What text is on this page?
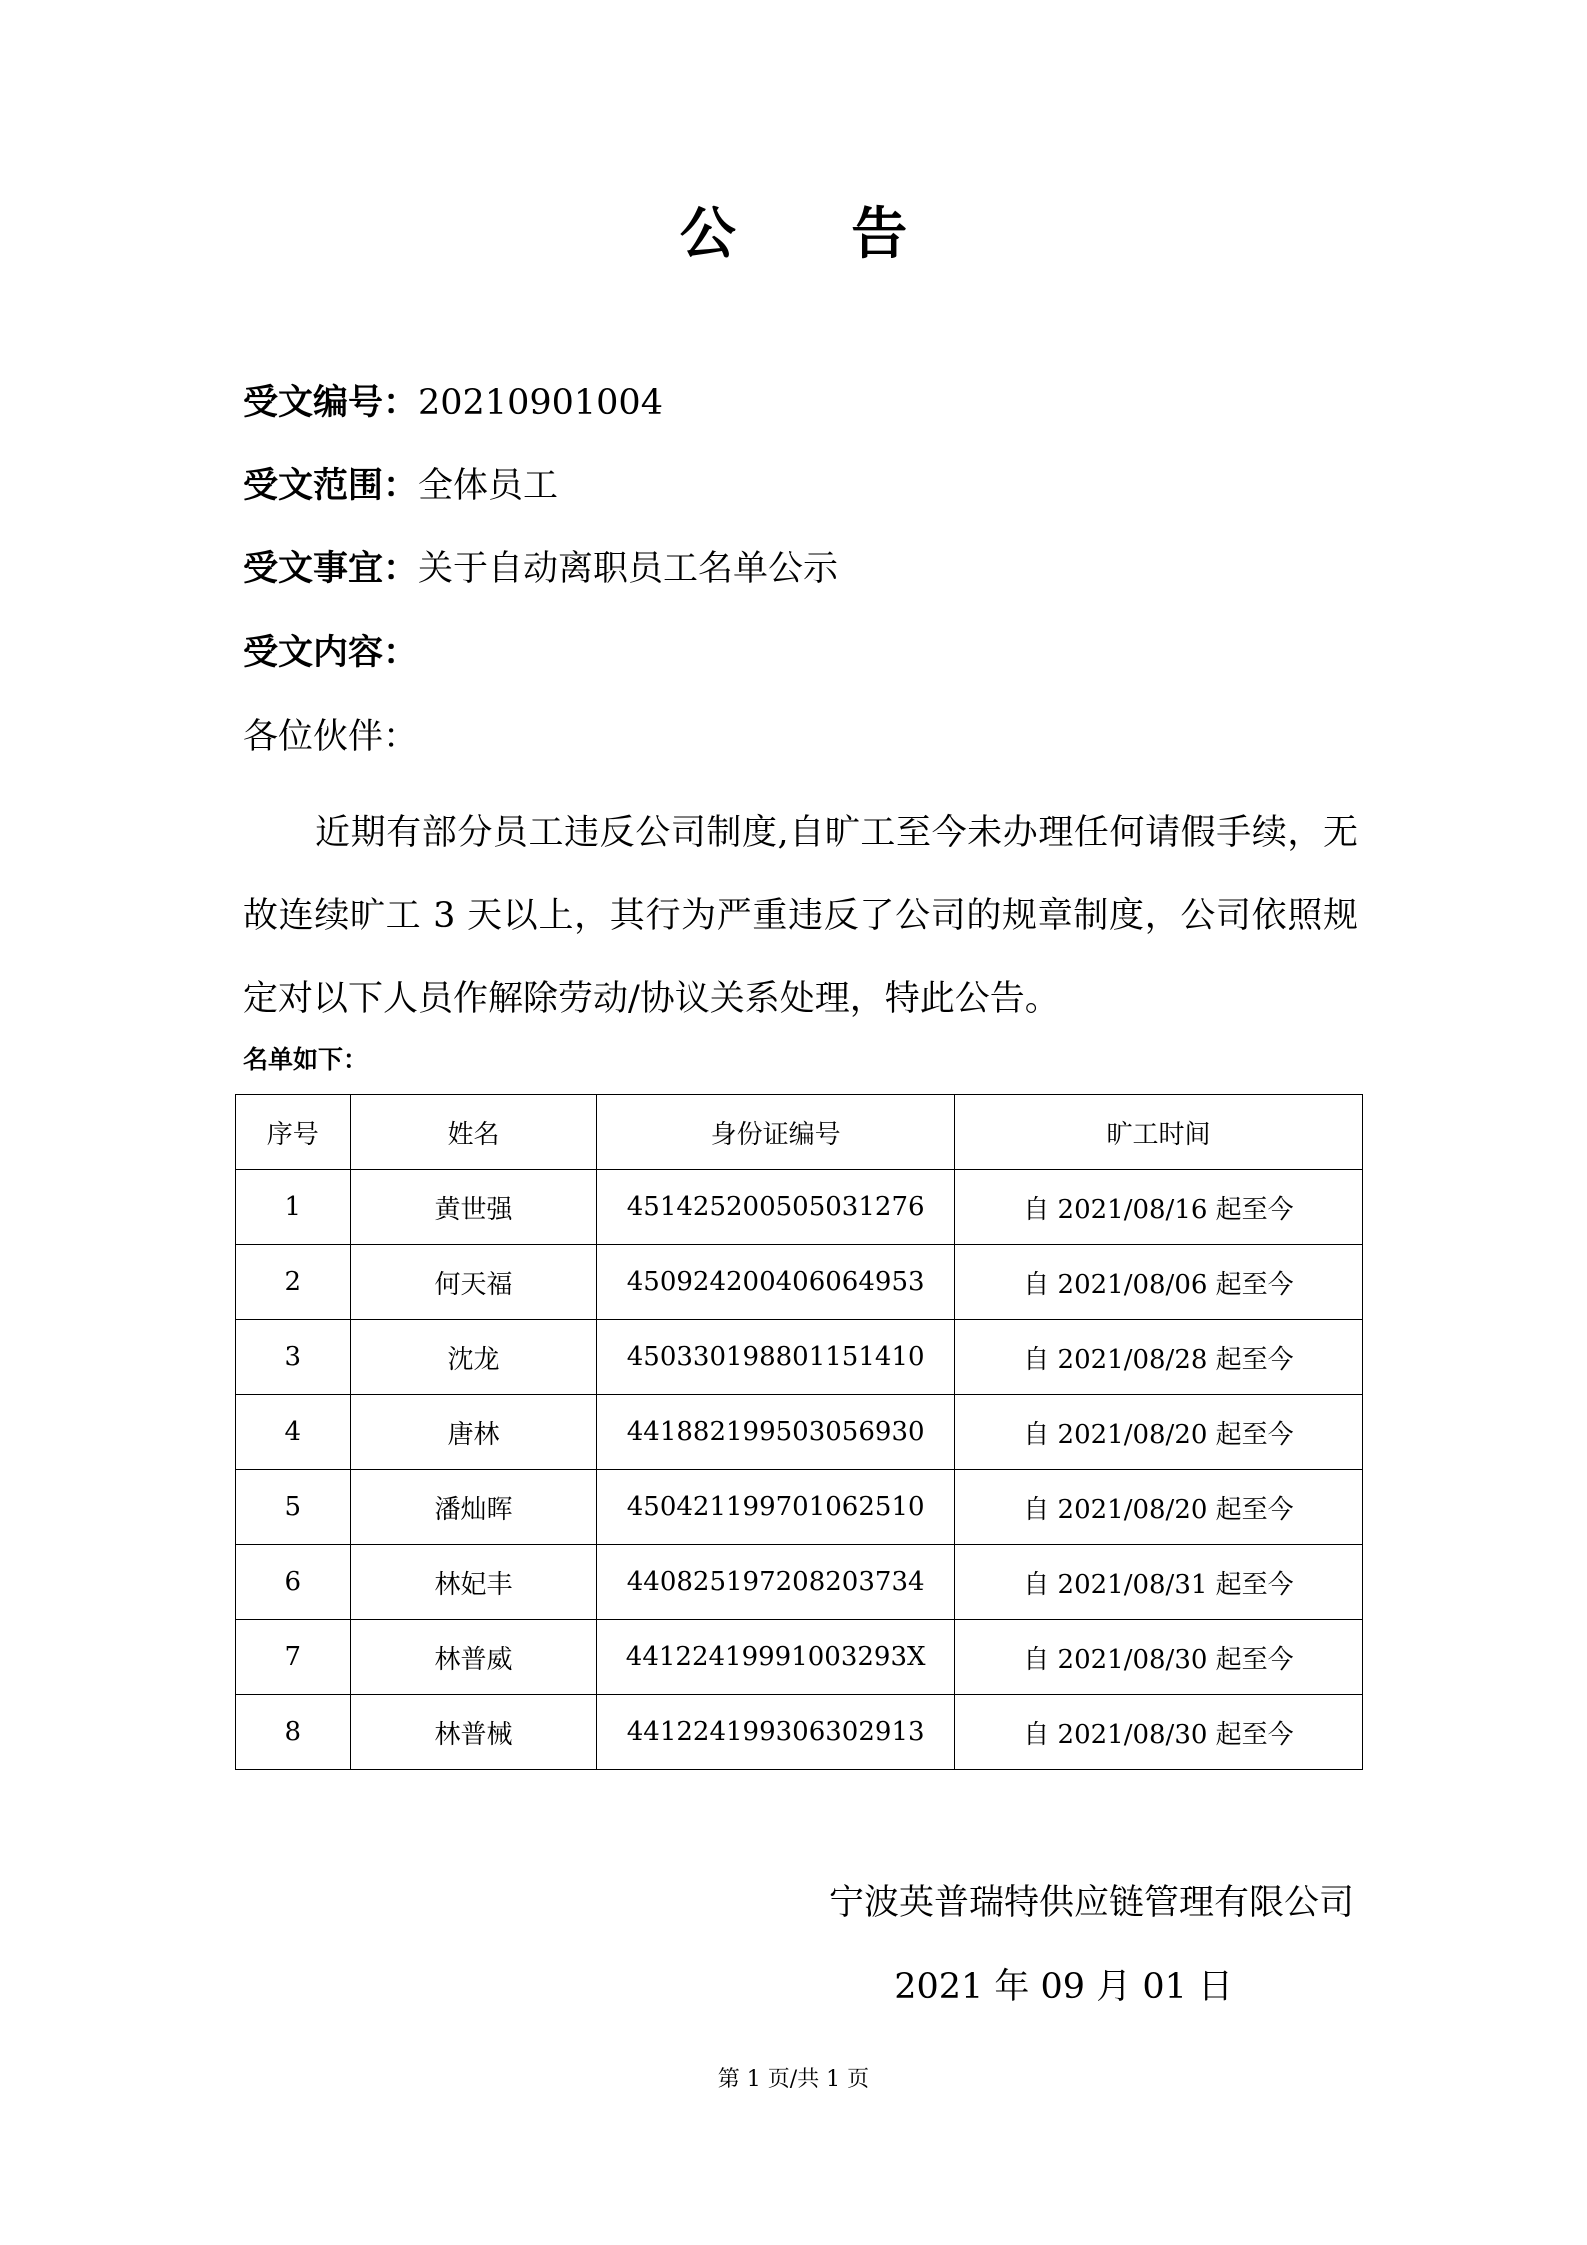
公 告
受文编号：20210901004
受文范围：全体员工
受文事宜：关于自动离职员工名单公示
受文内容：
各位伙伴：
近期有部分员工违反公司制度,自旷工至今未办理任何请假手续，无故连续旷工 3 天以上，其行为严重违反了公司的规章制度，公司依照规定对以下人员作解除劳动/协议关系处理，特此公告。
名单如下：
序号	姓名	身份证编号	旷工时间
1	黄世强	451425200505031276	自 2021/08/16 起至今
2	何天福	450924200406064953	自 2021/08/06 起至今
3	沈龙	450330198801151410	自 2021/08/28 起至今
4	唐林	441882199503056930	自 2021/08/20 起至今
5	潘灿晖	450421199701062510	自 2021/08/20 起至今
6	林妃丰	440825197208203734	自 2021/08/31 起至今
7	林普威	44122419991003293X	自 2021/08/30 起至今
8	林普械	441224199306302913	自 2021/08/30 起至今
宁波英普瑞特供应链管理有限公司
2021 年 09 月 01 日
第 1 页/共 1 页
